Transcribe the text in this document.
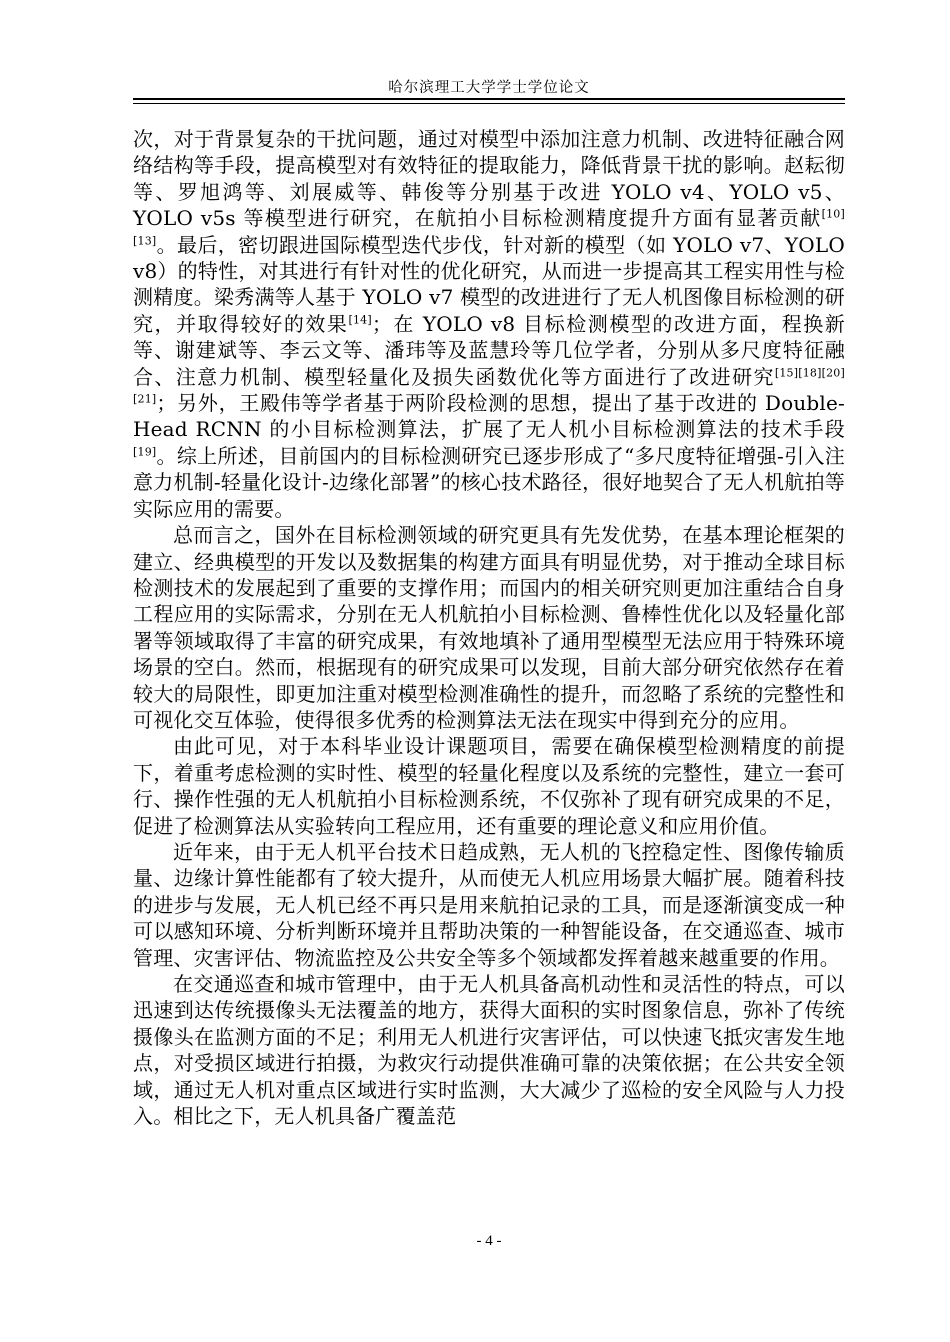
哈尔滨理工大学学士学位论文

次，对于背景复杂的干扰问题，通过对模型中添加注意力机制、改进特征融合网络结构等手段，提高模型对有效特征的提取能力，降低背景干扰的影响。赵耘彻等、罗旭鸿等、刘展威等、韩俊等分别基于改进 YOLO v4、YOLO v5、YOLO v5s 等模型进行研究，在航拍小目标检测精度提升方面有显著贡献[10][13]。最后，密切跟进国际模型迭代步伐，针对新的模型（如 YOLO v7、YOLO v8）的特性，对其进行有针对性的优化研究，从而进一步提高其工程实用性与检测精度。梁秀满等人基于 YOLO v7 模型的改进进行了无人机图像目标检测的研究，并取得较好的效果[14]；在 YOLO v8 目标检测模型的改进方面，程换新等、谢建斌等、李云文等、潘玮等及蓝慧玲等几位学者，分别从多尺度特征融合、注意力机制、模型轻量化及损失函数优化等方面进行了改进研究[15][18][20][21]；另外，王殿伟等学者基于两阶段检测的思想，提出了基于改进的 Double-Head RCNN 的小目标检测算法，扩展了无人机小目标检测算法的技术手段[19]。综上所述，目前国内的目标检测研究已逐步形成了“多尺度特征增强-引入注意力机制-轻量化设计-边缘化部署”的核心技术路径，很好地契合了无人机航拍等实际应用的需要。

总而言之，国外在目标检测领域的研究更具有先发优势，在基本理论框架的建立、经典模型的开发以及数据集的构建方面具有明显优势，对于推动全球目标检测技术的发展起到了重要的支撑作用；而国内的相关研究则更加注重结合自身工程应用的实际需求，分别在无人机航拍小目标检测、鲁棒性优化以及轻量化部署等领域取得了丰富的研究成果，有效地填补了通用型模型无法应用于特殊环境场景的空白。然而，根据现有的研究成果可以发现，目前大部分研究依然存在着较大的局限性，即更加注重对模型检测准确性的提升，而忽略了系统的完整性和可视化交互体验，使得很多优秀的检测算法无法在现实中得到充分的应用。

由此可见，对于本科毕业设计课题项目，需要在确保模型检测精度的前提下，着重考虑检测的实时性、模型的轻量化程度以及系统的完整性，建立一套可行、操作性强的无人机航拍小目标检测系统，不仅弥补了现有研究成果的不足，促进了检测算法从实验转向工程应用，还有重要的理论意义和应用价值。

近年来，由于无人机平台技术日趋成熟，无人机的飞控稳定性、图像传输质量、边缘计算性能都有了较大提升，从而使无人机应用场景大幅扩展。随着科技的进步与发展，无人机已经不再只是用来航拍记录的工具，而是逐渐演变成一种可以感知环境、分析判断环境并且帮助决策的一种智能设备，在交通巡查、城市管理、灾害评估、物流监控及公共安全等多个领域都发挥着越来越重要的作用。

在交通巡查和城市管理中，由于无人机具备高机动性和灵活性的特点，可以迅速到达传统摄像头无法覆盖的地方，获得大面积的实时图象信息，弥补了传统摄像头在监测方面的不足；利用无人机进行灾害评估，可以快速飞抵灾害发生地点，对受损区域进行拍摄，为救灾行动提供准确可靠的决策依据；在公共安全领域，通过无人机对重点区域进行实时监测，大大减少了巡检的安全风险与人力投入。相比之下，无人机具备广覆盖范

- 4 -
